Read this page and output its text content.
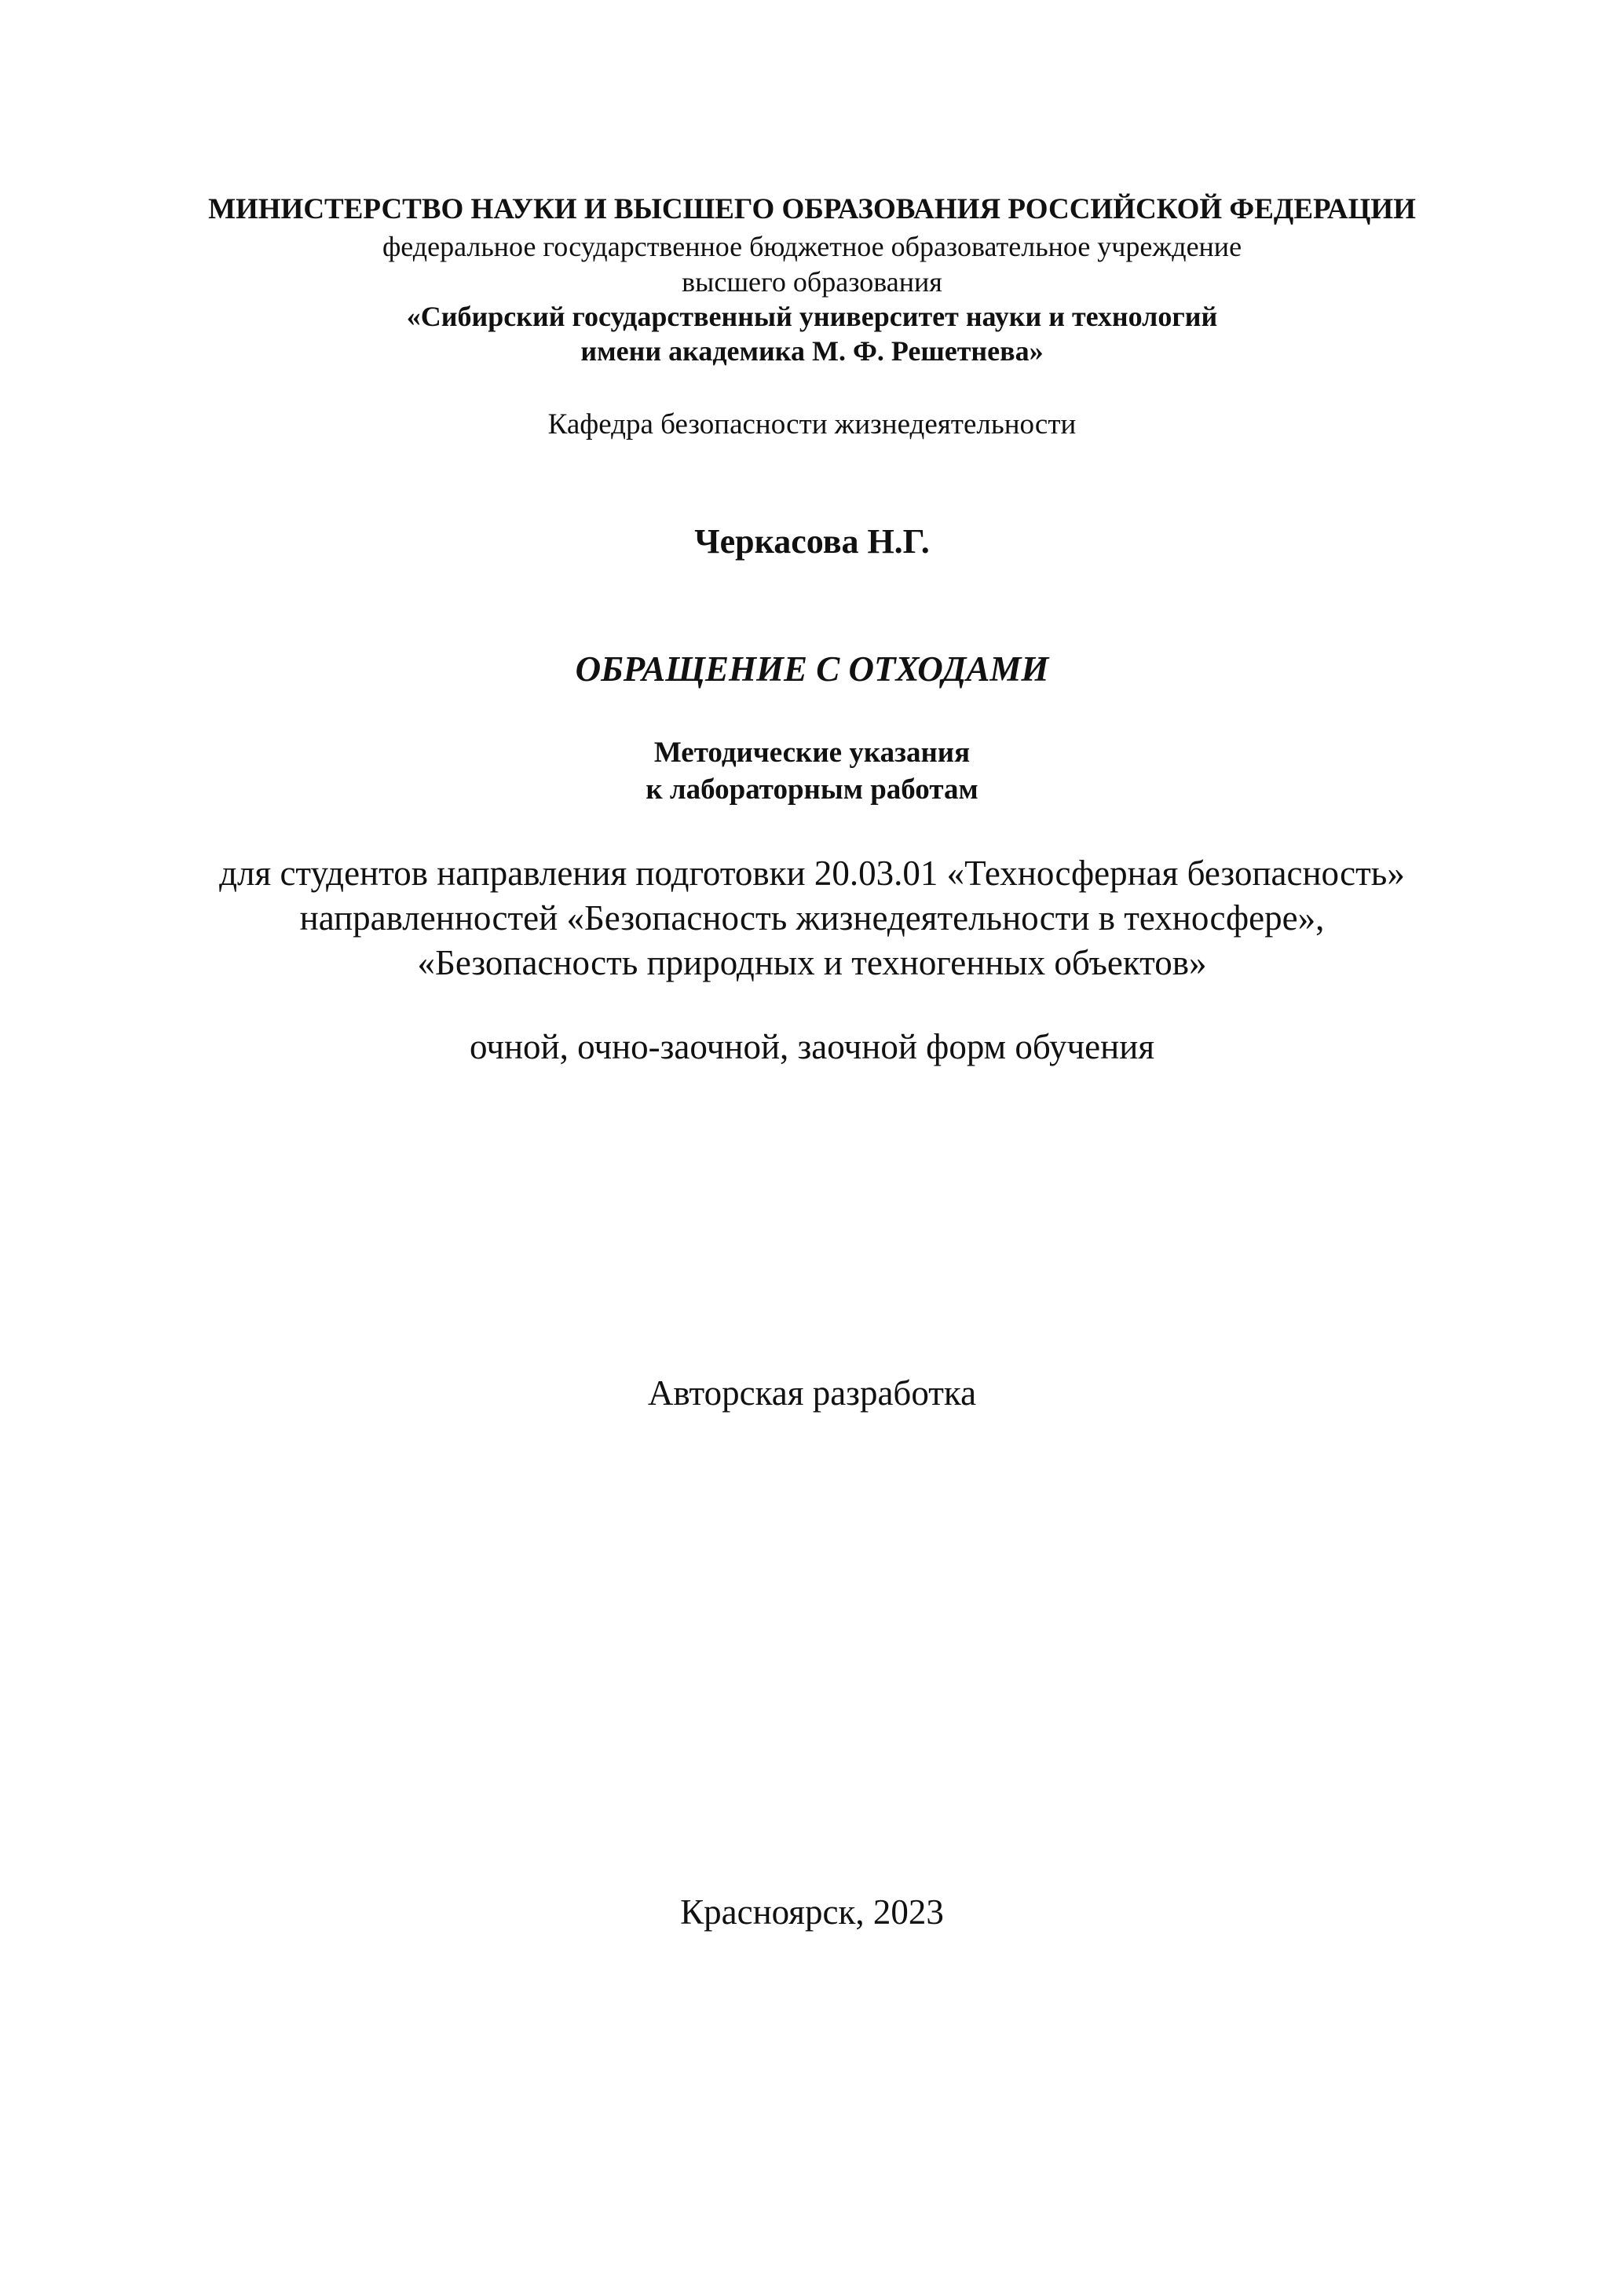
МИНИСТЕРСТВО НАУКИ И ВЫСШЕГО ОБРАЗОВАНИЯ РОССИЙСКОЙ ФЕДЕРАЦИИ
федеральное государственное бюджетное образовательное учреждение
высшего образования
«Сибирский государственный университет науки и технологий
имени академика М. Ф. Решетнева»
Кафедра безопасности жизнедеятельности
Черкасова Н.Г.
ОБРАЩЕНИЕ С ОТХОДАМИ
Методические указания
к лабораторным работам
для студентов направления подготовки 20.03.01 «Техносферная безопасность»
направленностей «Безопасность жизнедеятельности в техносфере»,
«Безопасность природных и техногенных объектов»
очной, очно-заочной, заочной форм обучения
Авторская разработка
Красноярск, 2023
